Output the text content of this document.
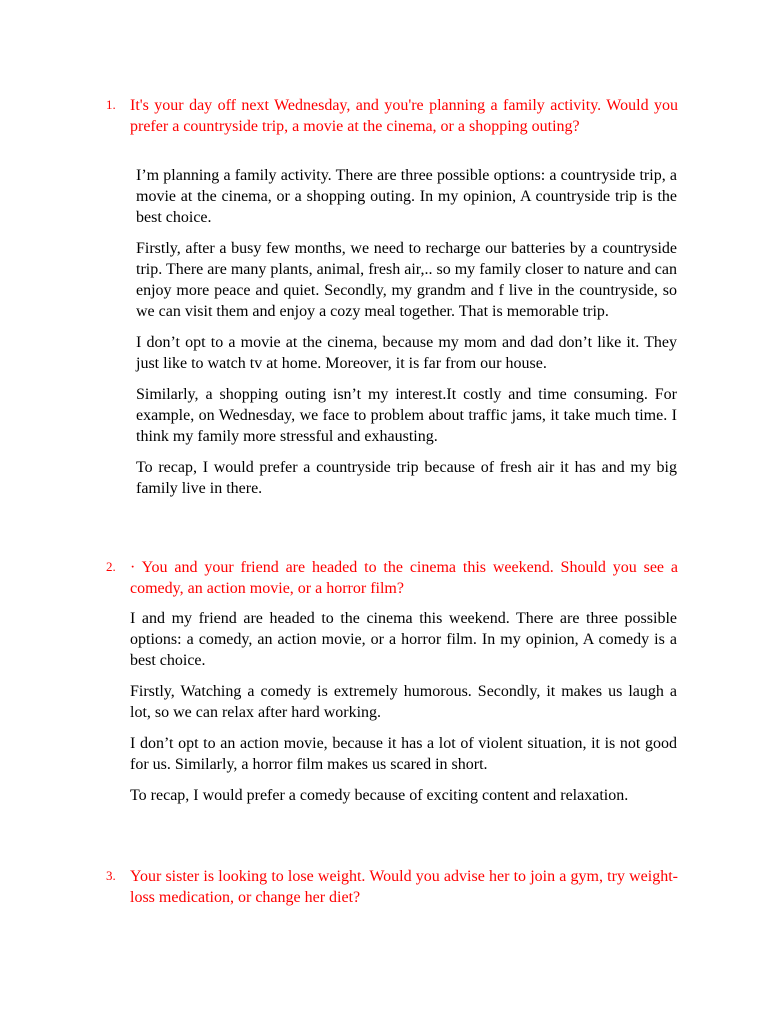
1. It's your day off next Wednesday, and you're planning a family activity. Would you prefer a countryside trip, a movie at the cinema, or a shopping outing?

I’m planning a family activity. There are three possible options: a countryside trip, a movie at the cinema, or a shopping outing. In my opinion, A countryside trip is the best choice.

Firstly, after a busy few months, we need to recharge our batteries by a countryside trip. There are many plants, animal, fresh air,.. so my family closer to nature and can enjoy more peace and quiet. Secondly, my grandm and f live in the countryside, so we can visit them and enjoy a cozy meal together. That is memorable trip.

I don’t opt to a movie at the cinema, because my mom and dad don’t like it. They just like to watch tv at home. Moreover, it is far from our house.

Similarly, a shopping outing isn’t my interest.It costly and time consuming. For example, on Wednesday, we face to problem about traffic jams, it take much time. I think my family more stressful and exhausting.

To recap, I would prefer a countryside trip because of fresh air it has and my big family live in there.

2. · You and your friend are headed to the cinema this weekend. Should you see a comedy, an action movie, or a horror film?

I and my friend are headed to the cinema this weekend. There are three possible options: a comedy, an action movie, or a horror film. In my opinion, A comedy is a best choice.

Firstly, Watching a comedy is extremely humorous. Secondly, it makes us laugh a lot, so we can relax after hard working.

I don’t opt to an action movie, because it has a lot of violent situation, it is not good for us. Similarly, a horror film makes us scared in short.

To recap, I would prefer a comedy because of exciting content and relaxation.

3. Your sister is looking to lose weight. Would you advise her to join a gym, try weight-loss medication, or change her diet?
